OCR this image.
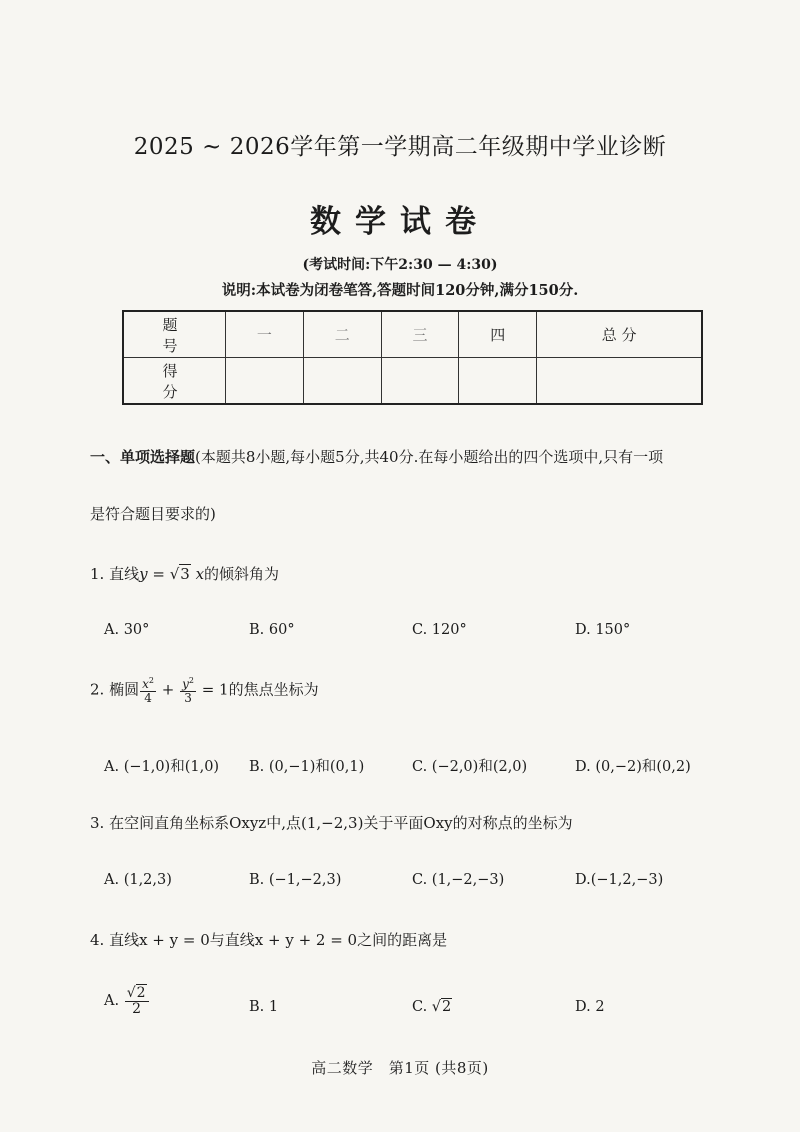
2025 ~ 2026学年第一学期高二年级期中学业诊断
数学试卷
(考试时间:下午2:30 — 4:30)
说明:本试卷为闭卷笔答,答题时间120分钟,满分150分.
题　号	一	二	三	四	总 分
得　分					
一、单项选择题(本题共8小题,每小题5分,共40分.在每小题给出的四个选项中,只有一项
是符合题目要求的)
1. 直线y = √3 x的倾斜角为
A. 30°	B. 60°	C. 120°	D. 150°
2. 椭圆 $\frac{x^2}{4} + \frac{y^2}{3} = 1$的焦点坐标为
A. (−1,0)和(1,0) B. (0,−1)和(0,1)	C. (−2,0)和(2,0)	D. (0,−2)和(0,2)
3. 在空间直角坐标系Oxyz中,点(1,−2,3)关于平面Oxy的对称点的坐标为
A. (1,2,3)	B. (−1,−2,3)	C. (1,−2,−3)	D.(−1,2,−3)
4. 直线x + y = 0与直线x + y + 2 = 0之间的距离是
A. $\frac{√2}{2}$	B. 1	C. √2	D. 2
高二数学　第1页 (共8页)
